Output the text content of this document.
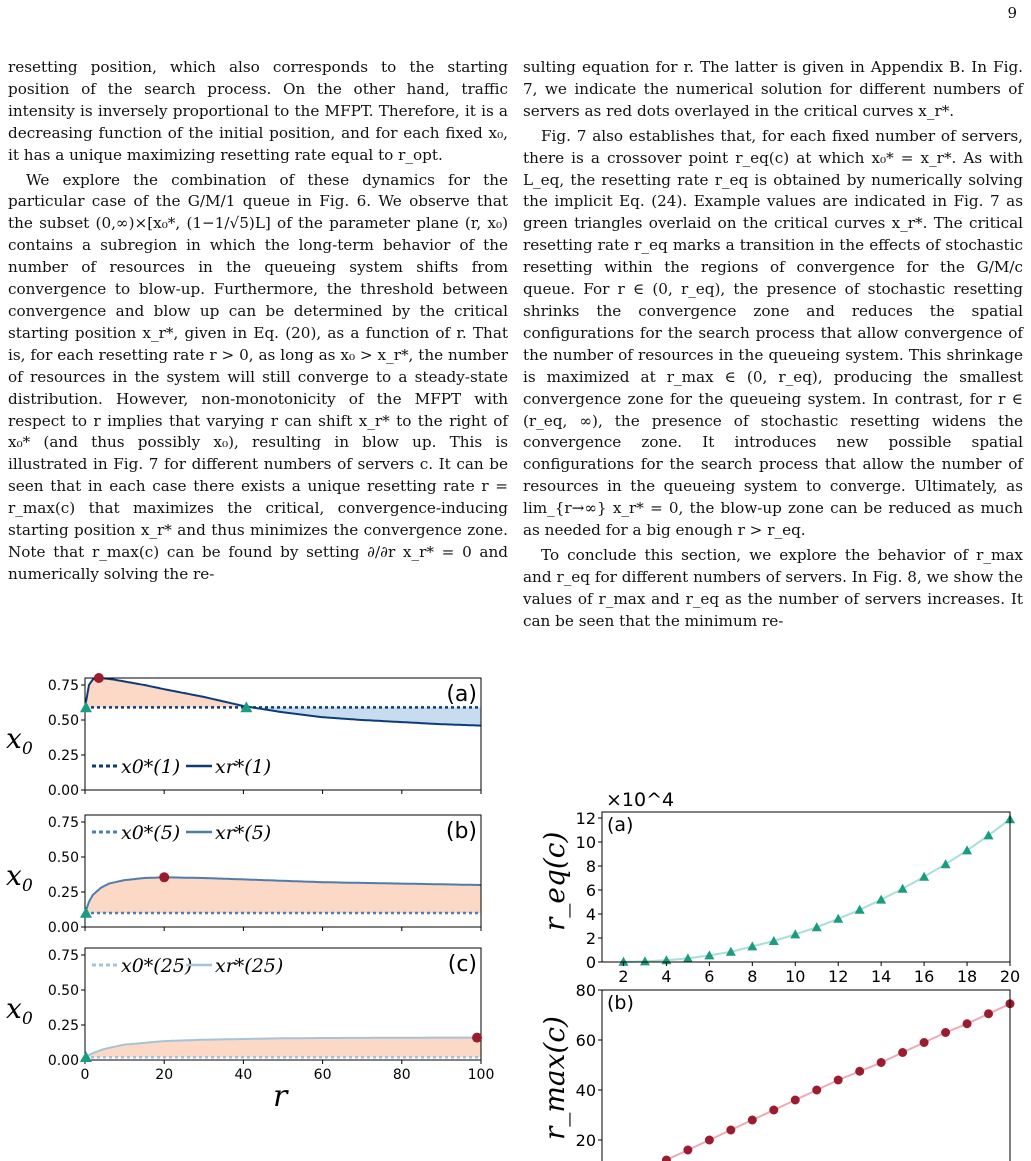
9

resetting position, which also corresponds to the starting position of the search process. On the other hand, traffic intensity is inversely proportional to the MFPT. Therefore, it is a decreasing function of the initial position, and for each fixed x₀, it has a unique maximizing resetting rate equal to r_opt.

We explore the combination of these dynamics for the particular case of the G/M/1 queue in Fig. 6. We observe that the subset (0,∞)×[x₀*, (1−1/√5)L] of the parameter plane (r, x₀) contains a subregion in which the long-term behavior of the number of resources in the queueing system shifts from convergence to blow-up. Furthermore, the threshold between convergence and blow up can be determined by the critical starting position x_r*, given in Eq. (20), as a function of r. That is, for each resetting rate r > 0, as long as x₀ > x_r*, the number of resources in the system will still converge to a steady-state distribution. However, non-monotonicity of the MFPT with respect to r implies that varying r can shift x_r* to the right of x₀* (and thus possibly x₀), resulting in blow up. This is illustrated in Fig. 7 for different numbers of servers c. It can be seen that in each case there exists a unique resetting rate r = r_max(c) that maximizes the critical, convergence-inducing starting position x_r* and thus minimizes the convergence zone. Note that r_max(c) can be found by setting ∂/∂r x_r* = 0 and numerically solving the re-

sulting equation for r. The latter is given in Appendix B. In Fig. 7, we indicate the numerical solution for different numbers of servers as red dots overlayed in the critical curves x_r*.

Fig. 7 also establishes that, for each fixed number of servers, there is a crossover point r_eq(c) at which x₀* = x_r*. As with L_eq, the resetting rate r_eq is obtained by numerically solving the implicit Eq. (24). Example values are indicated in Fig. 7 as green triangles overlaid on the critical curves x_r*. The critical resetting rate r_eq marks a transition in the effects of stochastic resetting within the regions of convergence for the G/M/c queue. For r ∈ (0, r_eq), the presence of stochastic resetting shrinks the convergence zone and reduces the spatial configurations for the search process that allow convergence of the number of resources in the queueing system. This shrinkage is maximized at r_max ∈ (0, r_eq), producing the smallest convergence zone for the queueing system. In contrast, for r ∈ (r_eq, ∞), the presence of stochastic resetting widens the convergence zone. It introduces new possible spatial configurations for the search process that allow the number of resources in the queueing system to converge. Ultimately, as lim_{r→∞} x_r* = 0, the blow-up zone can be reduced as much as needed for a big enough r > r_eq.

To conclude this section, we explore the behavior of r_max and r_eq for different numbers of servers. In Fig. 8, we show the values of r_max and r_eq as the number of servers increases. It can be seen that the minimum re-

0.00
0.25
0.50
0.75
x 0
(a)
x0*(1) xr*(1)
0.00
0.25
0.50
0.75
x 0
(b)
x0*(5) xr*(5)
0.00
0.25
0.50
0.75
0	20	40	60	80	100
x 0
(c)
x0*(25) xr*(25)
r
0
2
4
6
8
10
12
2 4 6 8 10 12 14 16 18 20
×10^4
(a)
r_eq(c)
20
40
60
80
(b)
r_max(c)
